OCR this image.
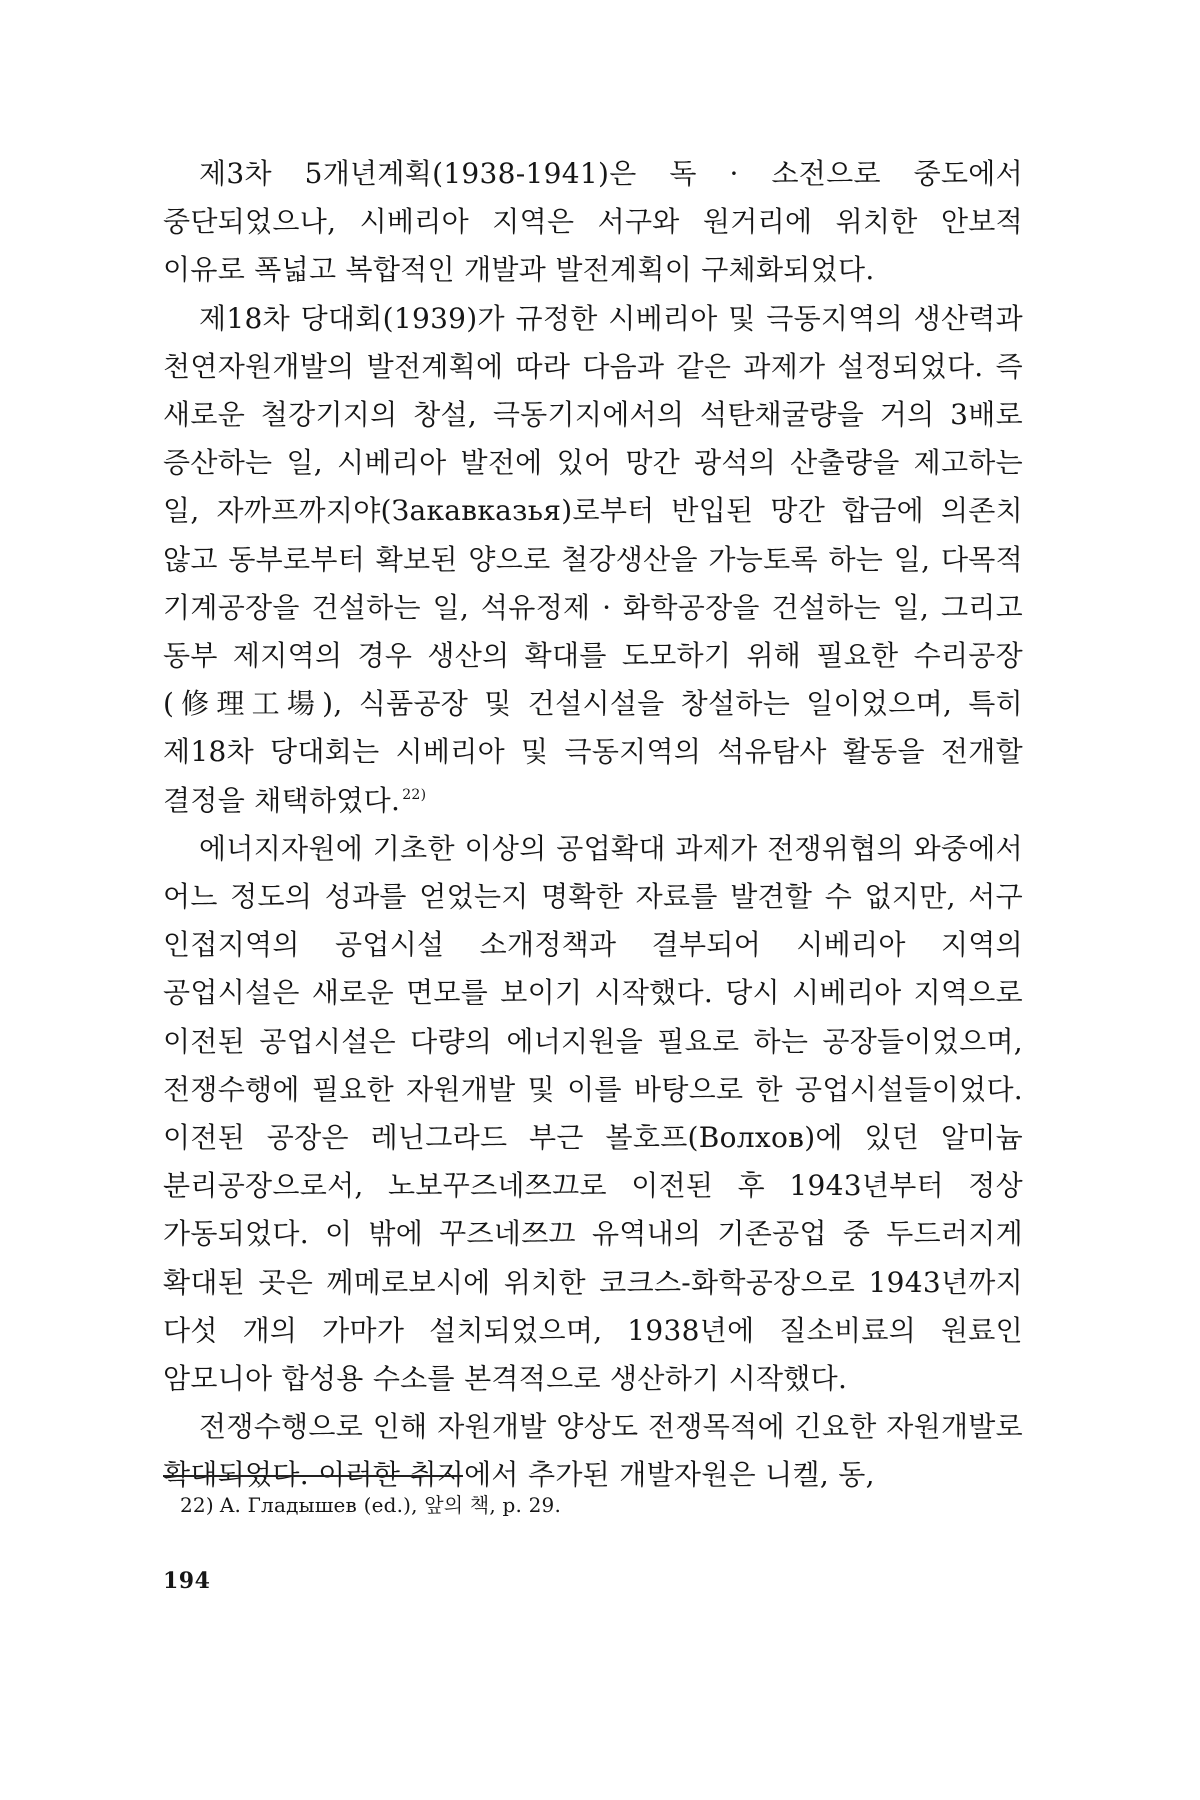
제3차 5개년계획(1938-1941)은 독 · 소전으로 중도에서 중단되었으나, 시베리아 지역은 서구와 원거리에 위치한 안보적 이유로 폭넓고 복합적인 개발과 발전계획이 구체화되었다.

제18차 당대회(1939)가 규정한 시베리아 및 극동지역의 생산력과 천연자원개발의 발전계획에 따라 다음과 같은 과제가 설정되었다. 즉 새로운 철강기지의 창설, 극동기지에서의 석탄채굴량을 거의 3배로 증산하는 일, 시베리아 발전에 있어 망간 광석의 산출량을 제고하는 일, 자까프까지야(Закавказья)로부터 반입된 망간 합금에 의존치 않고 동부로부터 확보된 양으로 철강생산을 가능토록 하는 일, 다목적 기계공장을 건설하는 일, 석유정제 · 화학공장을 건설하는 일, 그리고 동부 제지역의 경우 생산의 확대를 도모하기 위해 필요한 수리공장(修理工場), 식품공장 및 건설시설을 창설하는 일이었으며, 특히 제18차 당대회는 시베리아 및 극동지역의 석유탐사 활동을 전개할 결정을 채택하였다. $^{22)}$

에너지자원에 기초한 이상의 공업확대 과제가 전쟁위협의 와중에서 어느 정도의 성과를 얻었는지 명확한 자료를 발견할 수 없지만, 서구 인접지역의 공업시설 소개정책과 결부되어 시베리아 지역의 공업시설은 새로운 면모를 보이기 시작했다. 당시 시베리아 지역으로 이전된 공업시설은 다량의 에너지원을 필요로 하는 공장들이었으며, 전쟁수행에 필요한 자원개발 및 이를 바탕으로 한 공업시설들이었다. 이전된 공장은 레닌그라드 부근 볼호프(Волхов)에 있던 알미늄 분리공장으로서, 노보꾸즈네쯔끄로 이전된 후 1943년부터 정상 가동되었다. 이 밖에 꾸즈네쯔끄 유역내의 기존공업 중 두드러지게 확대된 곳은 께메로보시에 위치한 코크스-화학공장으로 1943년까지 다섯 개의 가마가 설치되었으며, 1938년에 질소비료의 원료인 암모니아 합성용 수소를 본격적으로 생산하기 시작했다.

전쟁수행으로 인해 자원개발 양상도 전쟁목적에 긴요한 자원개발로 확대되었다. 이러한 취지에서 추가된 개발자원은 니켈, 동,

22) A. Гладышев (ed.), 앞의 책, p. 29.
194
